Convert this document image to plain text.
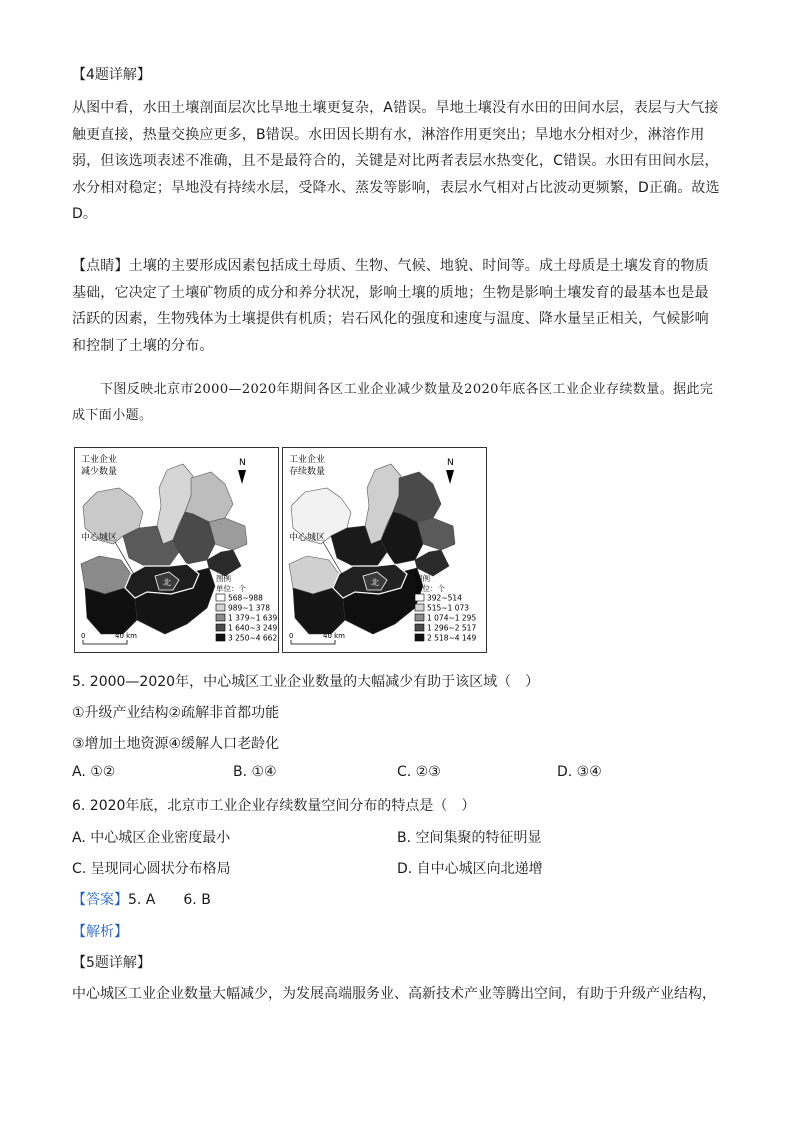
【4题详解】
从图中看，水田土壤剖面层次比旱地土壤更复杂，A错误。旱地土壤没有水田的田间水层，表层与大气接触更直接，热量交换应更多，B错误。水田因长期有水，淋溶作用更突出；旱地水分相对少，淋溶作用弱，但该选项表述不准确，且不是最符合的，关键是对比两者表层水热变化，C错误。水田有田间水层，水分相对稳定；旱地没有持续水层，受降水、蒸发等影响，表层水气相对占比波动更频繁，D正确。故选D。
【点睛】土壤的主要形成因素包括成土母质、生物、气候、地貌、时间等。成土母质是土壤发育的物质基础，它决定了土壤矿物质的成分和养分状况，影响土壤的质地；生物是影响土壤发育的最基本也是最活跃的因素，生物残体为土壤提供有机质；岩石风化的强度和速度与温度、降水量呈正相关，气候影响和控制了土壤的分布。
下图反映北京市2000—2020年期间各区工业企业减少数量及2020年底各区工业企业存续数量。据此完成下面小题。
工业企业
减少数量
N
北
中心城区
图例
单位：个
568~988
989~1 378
1 379~1 639
1 640~3 249
3 250~4 662
0	40 km
工业企业
存续数量
N
北
中心城区
图例
单位：个
392~514
515~1 073
1 074~1 295
1 296~2 517
2 518~4 149
0	40 km
5. 2000—2020年，中心城区工业企业数量的大幅减少有助于该区域（　）
①升级产业结构②疏解非首都功能
③增加土地资源④缓解人口老龄化
A. ①②	B. ①④	C. ②③	D. ③④
6. 2020年底，北京市工业企业存续数量空间分布的特点是（　）
A. 中心城区企业密度最小	B. 空间集聚的特征明显
C. 呈现同心圆状分布格局	D. 自中心城区向北递增
【答案】5. A　　6. B
【解析】
【5题详解】
中心城区工业企业数量大幅减少，为发展高端服务业、高新技术产业等腾出空间，有助于升级产业结构，
